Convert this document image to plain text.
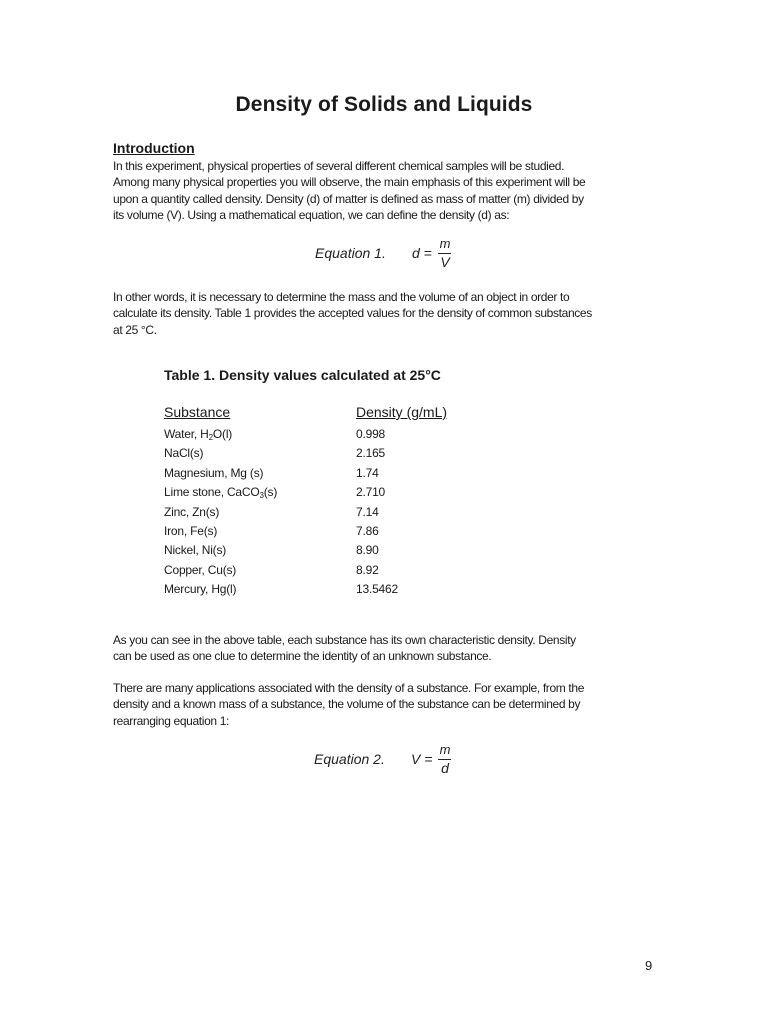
Density of Solids and Liquids
Introduction

In this experiment, physical properties of several different chemical samples will be studied.

Among many physical properties you will observe, the main emphasis of this experiment will be

upon a quantity called density. Density (d) of matter is defined as mass of matter (m) divided by

its volume (V). Using a mathematical equation, we can define the density (d) as:

Equation 1. d =
m
V

In other words, it is necessary to determine the mass and the volume of an object in order to

calculate its density. Table 1 provides the accepted values for the density of common substances

at 25 °C.

Table 1. Density values calculated at 25°C
Substance	Density (g/mL)
Water, $H_2O(l)$	0.998
NaCl(s)	2.165
Magnesium, Mg (s)	1.74
Lime stone, CaCO$_3$(s)	2.710
Zinc, Zn(s)	7.14
Iron, Fe(s)	7.86
Nickel, Ni(s)	8.90
Copper, Cu(s)	8.92
Mercury, Hg(l)	13.5462

As you can see in the above table, each substance has its own characteristic density. Density

can be used as one clue to determine the identity of an unknown substance.

There are many applications associated with the density of a substance. For example, from the

density and a known mass of a substance, the volume of the substance can be determined by

rearranging equation 1:

Equation 2. V =
m
d
9
